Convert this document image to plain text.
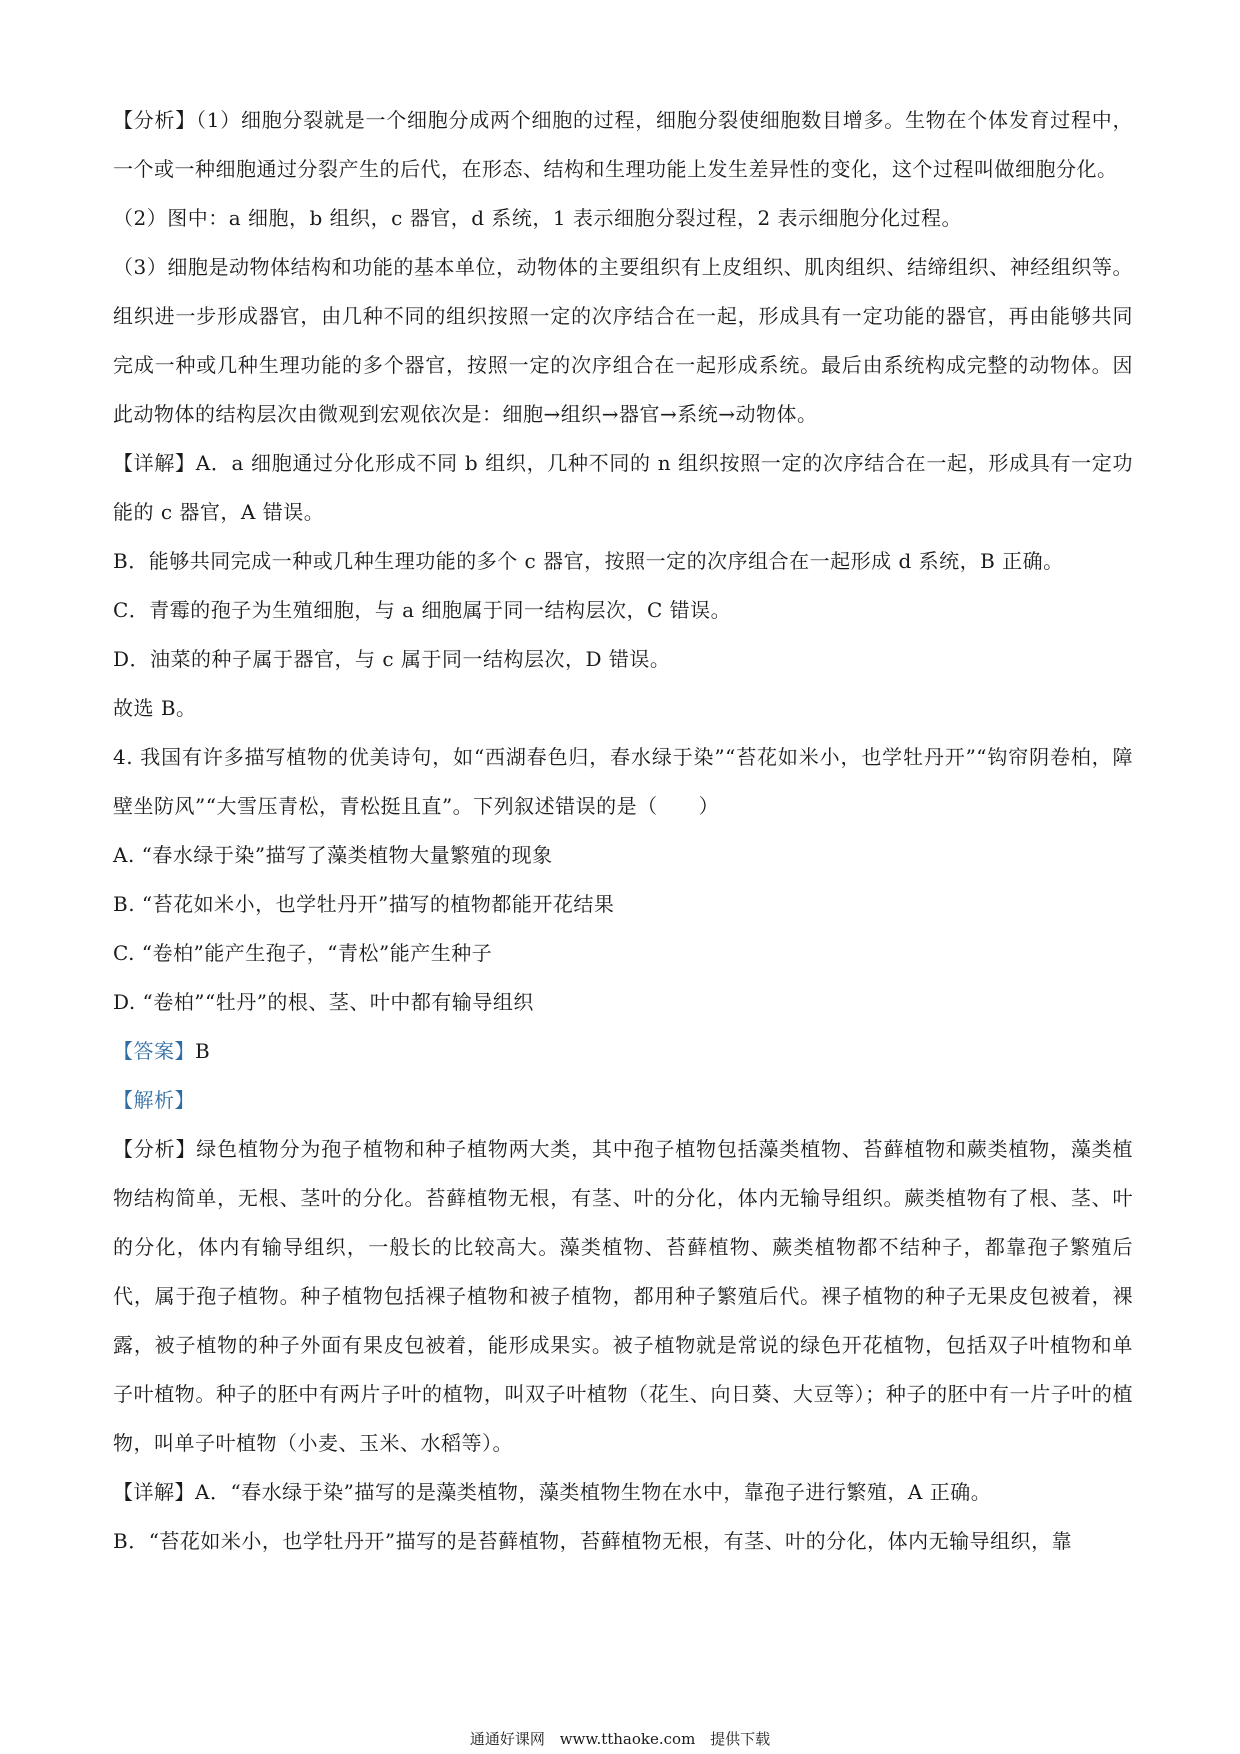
【分析】（1）细胞分裂就是一个细胞分成两个细胞的过程，细胞分裂使细胞数目增多。生物在个体发育过程中，一个或一种细胞通过分裂产生的后代，在形态、结构和生理功能上发生差异性的变化，这个过程叫做细胞分化。

（2）图中：a 细胞，b 组织，c 器官，d 系统，1 表示细胞分裂过程，2 表示细胞分化过程。

（3）细胞是动物体结构和功能的基本单位，动物体的主要组织有上皮组织、肌肉组织、结缔组织、神经组织等。组织进一步形成器官，由几种不同的组织按照一定的次序结合在一起，形成具有一定功能的器官，再由能够共同完成一种或几种生理功能的多个器官，按照一定的次序组合在一起形成系统。最后由系统构成完整的动物体。因此动物体的结构层次由微观到宏观依次是：细胞→组织→器官→系统→动物体。

【详解】A．a 细胞通过分化形成不同 b 组织，几种不同的 n 组织按照一定的次序结合在一起，形成具有一定功能的 c 器官，A 错误。

B．能够共同完成一种或几种生理功能的多个 c 器官，按照一定的次序组合在一起形成 d 系统，B 正确。

C．青霉的孢子为生殖细胞，与 a 细胞属于同一结构层次，C 错误。

D．油菜的种子属于器官，与 c 属于同一结构层次，D 错误。

故选 B。

4. 我国有许多描写植物的优美诗句，如“西湖春色归，春水绿于染”“苔花如米小，也学牡丹开”“钩帘阴卷柏，障壁坐防风”“大雪压青松，青松挺且直”。下列叙述错误的是（　　）

A. “春水绿于染”描写了藻类植物大量繁殖的现象

B. “苔花如米小，也学牡丹开”描写的植物都能开花结果

C. “卷柏”能产生孢子，“青松”能产生种子

D. “卷柏”“牡丹”的根、茎、叶中都有输导组织

【答案】B

【解析】

【分析】绿色植物分为孢子植物和种子植物两大类，其中孢子植物包括藻类植物、苔藓植物和蕨类植物，藻类植物结构简单，无根、茎叶的分化。苔藓植物无根，有茎、叶的分化，体内无输导组织。蕨类植物有了根、茎、叶的分化，体内有输导组织，一般长的比较高大。藻类植物、苔藓植物、蕨类植物都不结种子，都靠孢子繁殖后代，属于孢子植物。种子植物包括裸子植物和被子植物，都用种子繁殖后代。裸子植物的种子无果皮包被着，裸露，被子植物的种子外面有果皮包被着，能形成果实。被子植物就是常说的绿色开花植物，包括双子叶植物和单子叶植物。种子的胚中有两片子叶的植物，叫双子叶植物（花生、向日葵、大豆等）；种子的胚中有一片子叶的植物，叫单子叶植物（小麦、玉米、水稻等）。

【详解】A．“春水绿于染”描写的是藻类植物，藻类植物生物在水中，靠孢子进行繁殖，A 正确。

B．“苔花如米小，也学牡丹开”描写的是苔藓植物，苔藓植物无根，有茎、叶的分化，体内无输导组织，靠

通通好课网 www.tthaoke.com 提供下载
